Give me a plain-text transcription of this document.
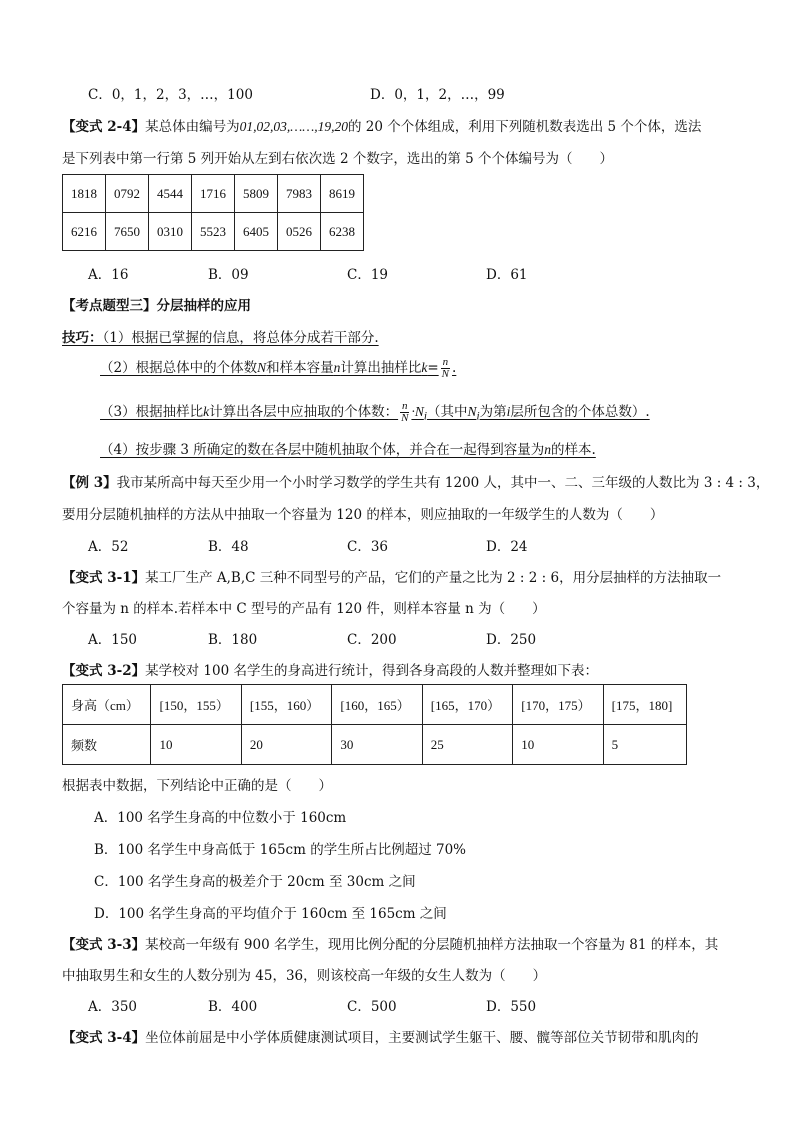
C．0，1，2，3，…，100	D．0，1，2，…，99
【变式 2-4】某总体由编号为01,02,03,……,19,20的 20 个个体组成，利用下列随机数表选出 5 个个体，选法
是下列表中第一行第 5 列开始从左到右依次选 2 个数字，选出的第 5 个个体编号为（　　）
1818	0792	4544	1716	5809	7983	8619
6216	7650	0310	5523	6405	0526	6238
A．16	B．09	C．19	D．61
【考点题型三】分层抽样的应用
技巧：（1）根据已掌握的信息，将总体分成若干部分.
（2）根据总体中的个体数N和样本容量n计算出抽样比$k= \frac{n}{N}$ .
（3）根据抽样比k计算出各层中应抽取的个体数： $\frac{n}{N} \cdot N_i$（其中$N_i$为第i层所包含的个体总数）.
（4）按步骤 3 所确定的数在各层中随机抽取个体，并合在一起得到容量为n的样本.
【例 3】我市某所高中每天至少用一个小时学习数学的学生共有 1200 人，其中一、二、三年级的人数比为 3 : 4 : 3，
要用分层随机抽样的方法从中抽取一个容量为 120 的样本，则应抽取的一年级学生的人数为（　　）
A．52	B．48	C．36	D．24
【变式 3-1】某工厂生产 A,B,C 三种不同型号的产品，它们的产量之比为 2 : 2 : 6，用分层抽样的方法抽取一
个容量为 n 的样本.若样本中 C 型号的产品有 120 件，则样本容量 n 为（　　）
A．150	B．180	C．200	D．250
【变式 3-2】某学校对 100 名学生的身高进行统计，得到各身高段的人数并整理如下表：
身高（cm）	[150，155）	[155，160）	[160，165）	[165，170）	[170，175）	[175，180]
频数	10	20	30	25	10	5
根据表中数据，下列结论中正确的是（　　）
A．100 名学生身高的中位数小于 160cm
B．100 名学生中身高低于 165cm 的学生所占比例超过 70%
C．100 名学生身高的极差介于 20cm 至 30cm 之间
D．100 名学生身高的平均值介于 160cm 至 165cm 之间
【变式 3-3】某校高一年级有 900 名学生，现用比例分配的分层随机抽样方法抽取一个容量为 81 的样本，其
中抽取男生和女生的人数分别为 45，36，则该校高一年级的女生人数为（　　）
A．350	B．400	C．500	D．550
【变式 3-4】坐位体前屈是中小学体质健康测试项目，主要测试学生躯干、腰、髋等部位关节韧带和肌肉的
